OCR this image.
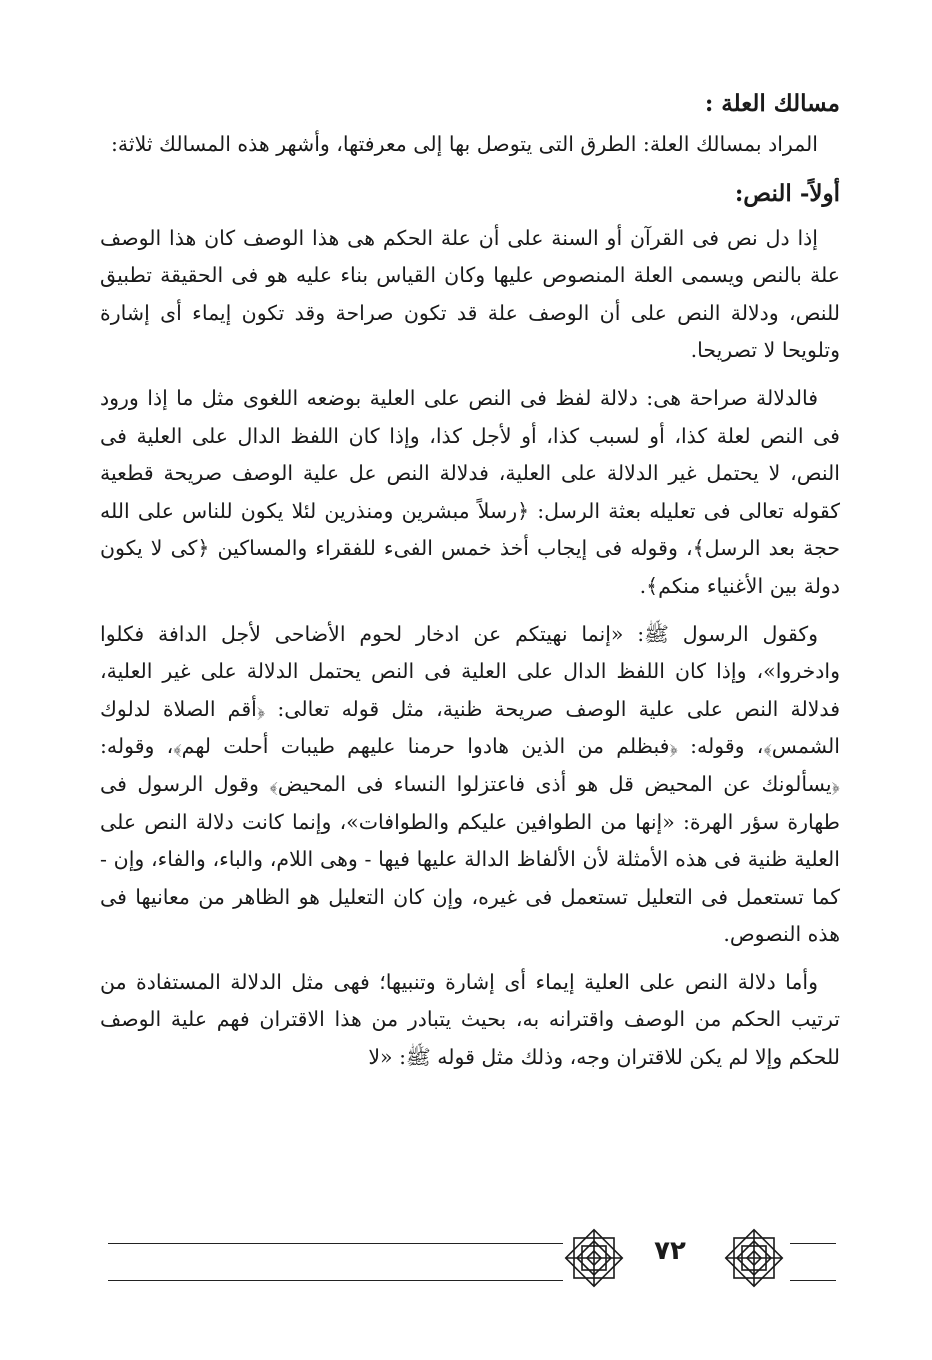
مسالك العلة :

المراد بمسالك العلة: الطرق التى يتوصل بها إلى معرفتها، وأشهر هذه المسالك ثلاثة:

أولاً- النص:

إذا دل نص فى القرآن أو السنة على أن علة الحكم هى هذا الوصف كان هذا الوصف علة بالنص ويسمى العلة المنصوص عليها وكان القياس بناء عليه هو فى الحقيقة تطبيق للنص، ودلالة النص على أن الوصف علة قد تكون صراحة وقد تكون إيماء أى إشارة وتلويحا لا تصريحا.

فالدلالة صراحة هى: دلالة لفظ فى النص على العلية بوضعه اللغوى مثل ما إذا ورود فى النص لعلة كذا، أو لسبب كذا، أو لأجل كذا، وإذا كان اللفظ الدال على العلية فى النص، لا يحتمل غير الدلالة على العلية، فدلالة النص عل علية الوصف صريحة قطعية كقوله تعالى فى تعليله بعثة الرسل: ﴿رسلاً مبشرين ومنذرين لئلا يكون للناس على الله حجة بعد الرسل﴾، وقوله فى إيجاب أخذ خمس الفىء للفقراء والمساكين ﴿كى لا يكون دولة بين الأغنياء منكم﴾.

وكقول الرسول ﷺ: «إنما نهيتكم عن ادخار لحوم الأضاحى لأجل الدافة فكلوا وادخروا»، وإذا كان اللفظ الدال على العلية فى النص يحتمل الدلالة على غير العلية، فدلالة النص على علية الوصف صريحة ظنية، مثل قوله تعالى: ﴿أقم الصلاة لدلوك الشمس﴾، وقوله: ﴿فبظلم من الذين هادوا حرمنا عليهم طيبات أحلت لهم﴾، وقوله: ﴿يسألونك عن المحيض قل هو أذى فاعتزلوا النساء فى المحيض﴾ وقول الرسول فى طهارة سؤر الهرة: «إنها من الطوافين عليكم والطوافات»، وإنما كانت دلالة النص على العلية ظنية فى هذه الأمثلة لأن الألفاظ الدالة عليها فيها - وهى اللام، والباء، والفاء، وإن - كما تستعمل فى التعليل تستعمل فى غيره، وإن كان التعليل هو الظاهر من معانيها فى هذه النصوص.

وأما دلالة النص على العلية إيماء أى إشارة وتنبيها؛ فهى مثل الدلالة المستفادة من ترتيب الحكم من الوصف واقترانه به، بحيث يتبادر من هذا الاقتران فهم علية الوصف للحكم وإلا لم يكن للاقتران وجه، وذلك مثل قوله ﷺ: «لا

٧٢
